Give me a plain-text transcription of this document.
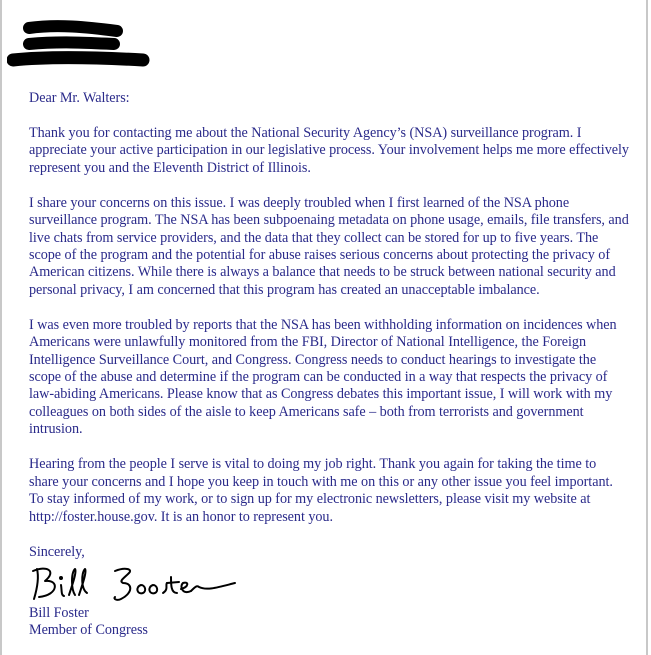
Dear Mr. Walters:

Thank you for contacting me about the National Security Agency’s (NSA) surveillance program. I appreciate your active participation in our legislative process. Your involvement helps me more effectively represent you and the Eleventh District of Illinois.

I share your concerns on this issue. I was deeply troubled when I first learned of the NSA phone surveillance program. The NSA has been subpoenaing metadata on phone usage, emails, file transfers, and live chats from service providers, and the data that they collect can be stored for up to five years. The scope of the program and the potential for abuse raises serious concerns about protecting the privacy of American citizens. While there is always a balance that needs to be struck between national security and personal privacy, I am concerned that this program has created an unacceptable imbalance.

I was even more troubled by reports that the NSA has been withholding information on incidences when Americans were unlawfully monitored from the FBI, Director of National Intelligence, the Foreign Intelligence Surveillance Court, and Congress. Congress needs to conduct hearings to investigate the scope of the abuse and determine if the program can be conducted in a way that respects the privacy of law-abiding Americans. Please know that as Congress debates this important issue, I will work with my colleagues on both sides of the aisle to keep Americans safe – both from terrorists and government intrusion.

Hearing from the people I serve is vital to doing my job right. Thank you again for taking the time to share your concerns and I hope you keep in touch with me on this or any other issue you feel important. To stay informed of my work, or to sign up for my electronic newsletters, please visit my website at http://foster.house.gov. It is an honor to represent you.

Sincerely,

Bill Foster

Member of Congress
